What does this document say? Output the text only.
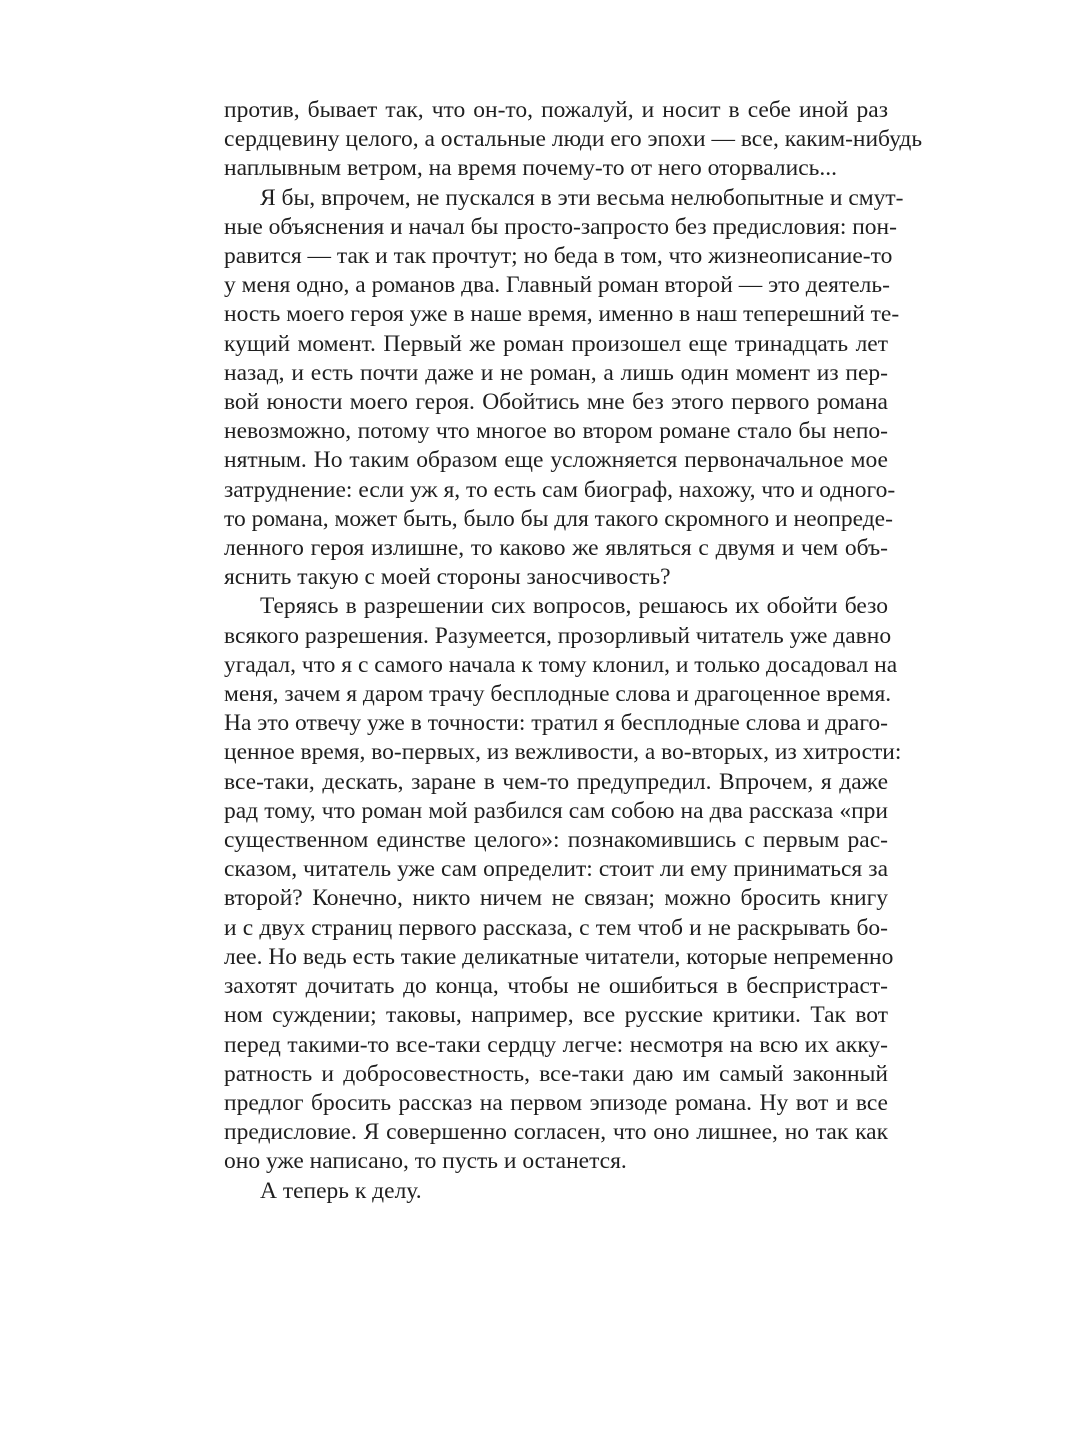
против, бывает так, что он-то, пожалуй, и носит в себе иной раз
сердцевину целого, а остальные люди его эпохи — все, каким-нибудь
наплывным ветром, на время почему-то от него оторвались...

Я бы, впрочем, не пускался в эти весьма нелюбопытные и смут-
ные объяснения и начал бы просто-запросто без предисловия: пон-
равится — так и так прочтут; но беда в том, что жизнеописание-то
у меня одно, а романов два. Главный роман второй — это деятель-
ность моего героя уже в наше время, именно в наш теперешний те-
кущий момент. Первый же роман произошел еще тринадцать лет
назад, и есть почти даже и не роман, а лишь один момент из пер-
вой юности моего героя. Обойтись мне без этого первого романа
невозможно, потому что многое во втором романе стало бы непо-
нятным. Но таким образом еще усложняется первоначальное мое
затруднение: если уж я, то есть сам биограф, нахожу, что и одного-
то романа, может быть, было бы для такого скромного и неопреде-
ленного героя излишне, то каково же являться с двумя и чем объ-
яснить такую с моей стороны заносчивость?

Теряясь в разрешении сих вопросов, решаюсь их обойти безо
всякого разрешения. Разумеется, прозорливый читатель уже давно
угадал, что я с самого начала к тому клонил, и только досадовал на
меня, зачем я даром трачу бесплодные слова и драгоценное время.
На это отвечу уже в точности: тратил я бесплодные слова и драго-
ценное время, во-первых, из вежливости, а во-вторых, из хитрости:
все-таки, дескать, заране в чем-то предупредил. Впрочем, я даже
рад тому, что роман мой разбился сам собою на два рассказа «при
существенном единстве целого»: познакомившись с первым рас-
сказом, читатель уже сам определит: стоит ли ему приниматься за
второй? Конечно, никто ничем не связан; можно бросить книгу
и с двух страниц первого рассказа, с тем чтоб и не раскрывать бо-
лее. Но ведь есть такие деликатные читатели, которые непременно
захотят дочитать до конца, чтобы не ошибиться в беспристраст-
ном суждении; таковы, например, все русские критики. Так вот
перед такими-то все-таки сердцу легче: несмотря на всю их акку-
ратность и добросовестность, все-таки даю им самый законный
предлог бросить рассказ на первом эпизоде романа. Ну вот и все
предисловие. Я совершенно согласен, что оно лишнее, но так как
оно уже написано, то пусть и останется.

А теперь к делу.
